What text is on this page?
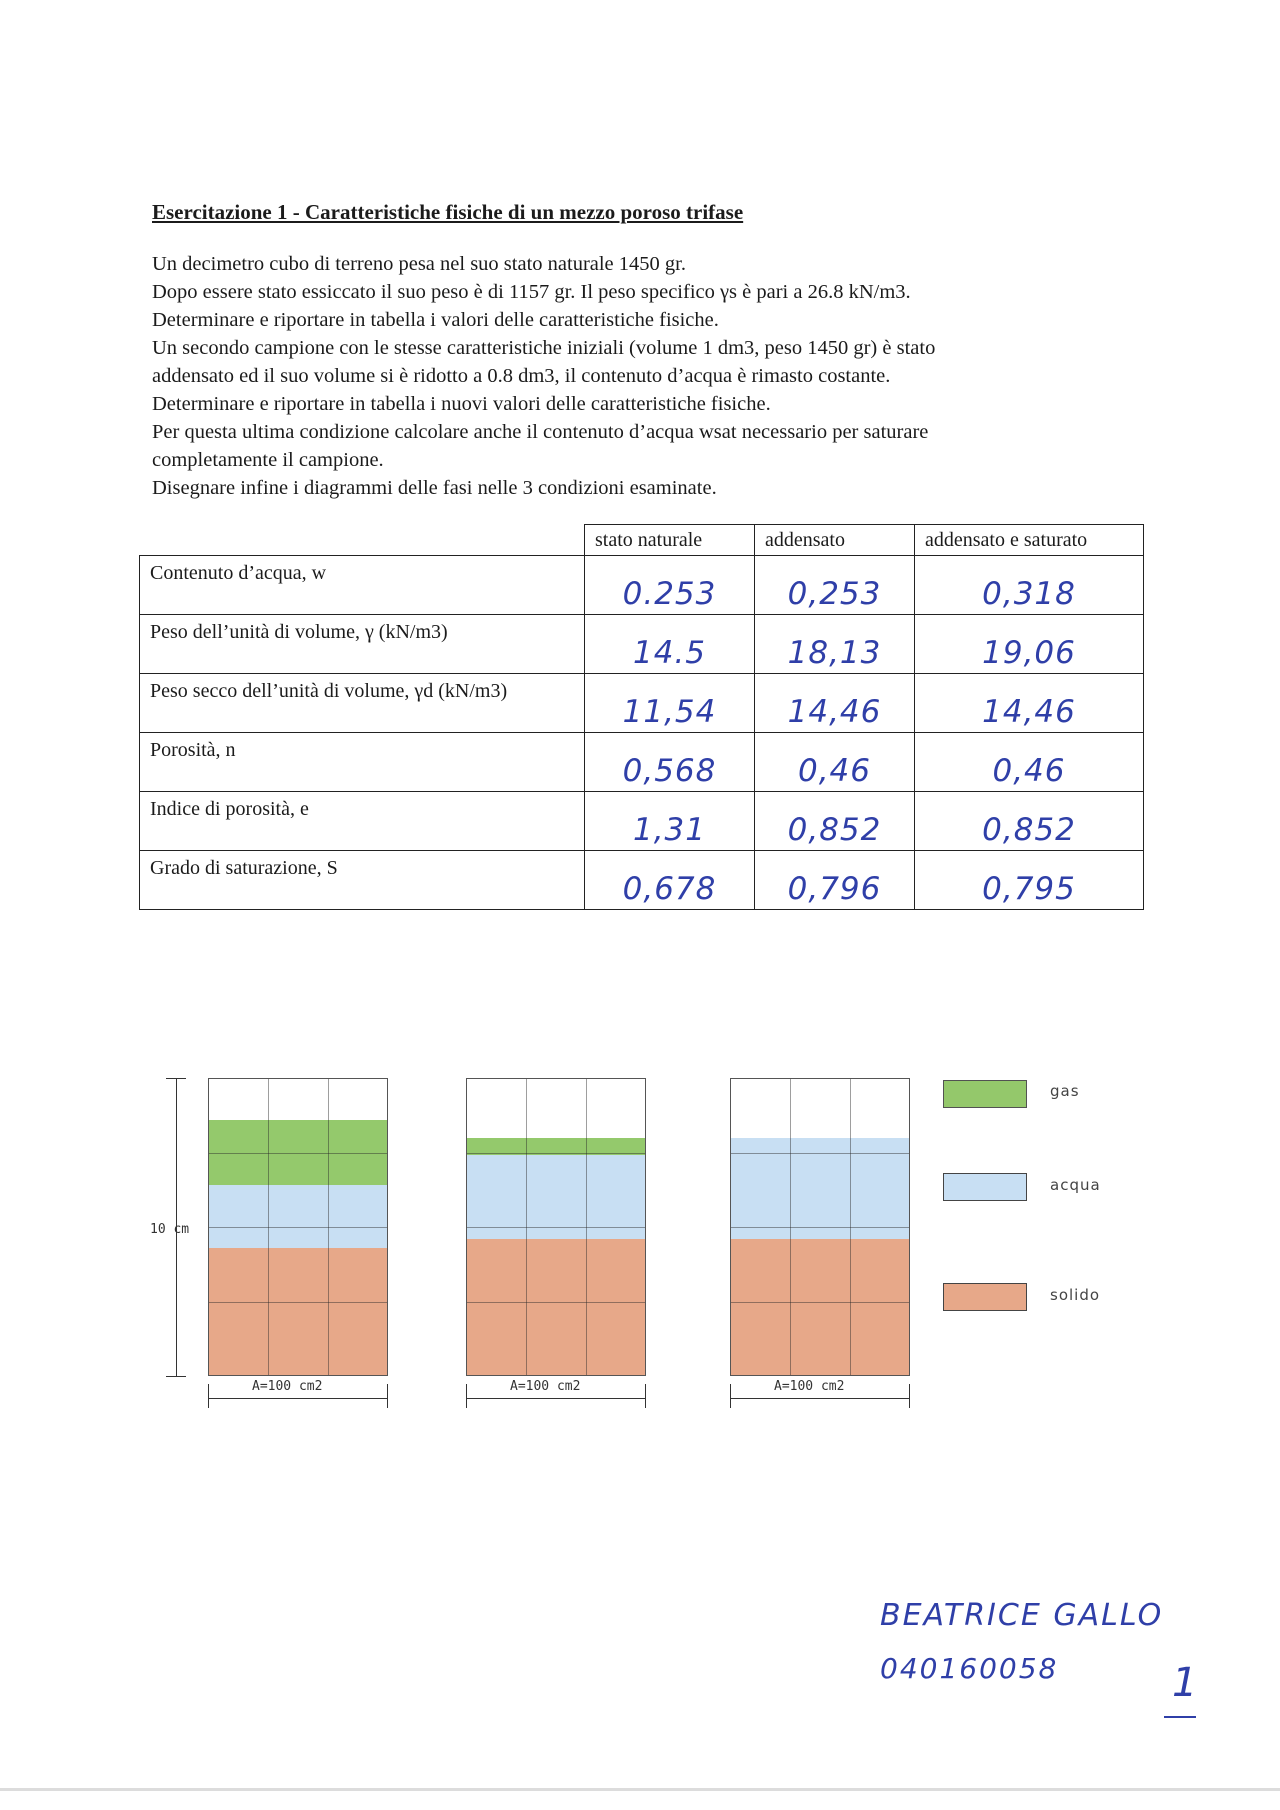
Esercitazione 1 - Caratteristiche fisiche di un mezzo poroso trifase

Un decimetro cubo di terreno pesa nel suo stato naturale 1450 gr.

Dopo essere stato essiccato il suo peso è di 1157 gr. Il peso specifico γs è pari a 26.8 kN/m3.

Determinare e riportare in tabella i valori delle caratteristiche fisiche.

Un secondo campione con le stesse caratteristiche iniziali (volume 1 dm3, peso 1450 gr) è stato

addensato ed il suo volume si è ridotto a 0.8 dm3, il contenuto d’acqua è rimasto costante.

Determinare e riportare in tabella i nuovi valori delle caratteristiche fisiche.

Per questa ultima condizione calcolare anche il contenuto d’acqua wsat necessario per saturare

completamente il campione.

Disegnare infine i diagrammi delle fasi nelle 3 condizioni esaminate.

	stato naturale	addensato	addensato e saturato
Contenuto d’acqua, w	0.253	0,253	0,318
Peso dell’unità di volume, γ (kN/m3)	14.5	18,13	19,06
Peso secco dell’unità di volume, γd (kN/m3)	11,54	14,46	14,46
Porosità, n	0,568	0,46	0,46
Indice di porosità, e	1,31	0,852	0,852
Grado di saturazione, S	0,678	0,796	0,795
10 cm
A=100 cm2	A=100 cm2	A=100 cm2
gas
acqua
solido
BEATRICE GALLO
040160058	1
